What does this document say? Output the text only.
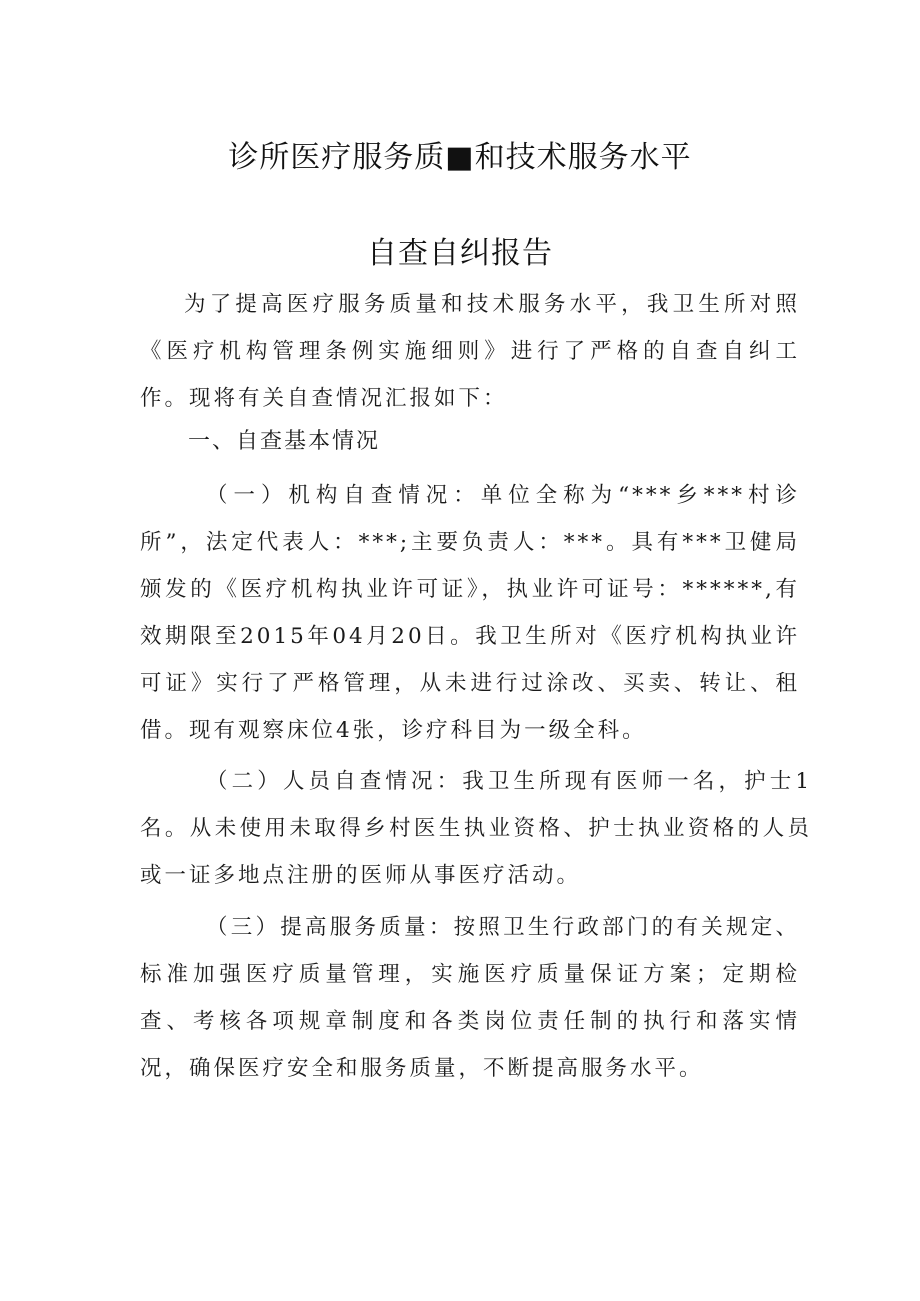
诊所医疗服务质■和技术服务水平
自查自纠报告

为了提高医疗服务质量和技术服务水平，我卫生所对照《医疗机构管理条例实施细则》进行了严格的自查自纠工作。现将有关自查情况汇报如下：

一、自查基本情况

（一）机构自查情况：单位全称为“***乡***村诊所”，法定代表人：***;主要负责人：***。具有***卫健局颁发的《医疗机构执业许可证》，执业许可证号：******,有效期限至2015年04月20日。我卫生所对《医疗机构执业许可证》实行了严格管理，从未进行过涂改、买卖、转让、租借。现有观察床位4张，诊疗科目为一级全科。

（二）人员自查情况：我卫生所现有医师一名，护士1名。从未使用未取得乡村医生执业资格、护士执业资格的人员或一证多地点注册的医师从事医疗活动。

（三）提高服务质量：按照卫生行政部门的有关规定、标准加强医疗质量管理，实施医疗质量保证方案；定期检查、考核各项规章制度和各类岗位责任制的执行和落实情况，确保医疗安全和服务质量，不断提高服务水平。
